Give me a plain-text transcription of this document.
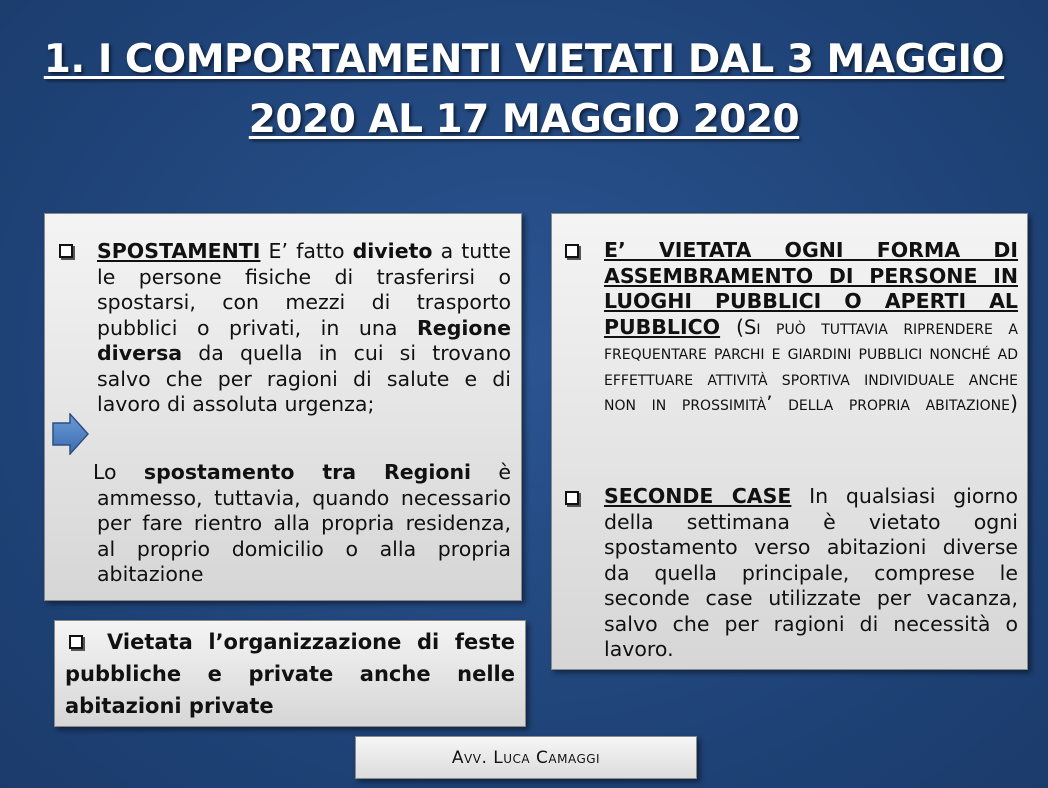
1. I COMPORTAMENTI VIETATI DAL 3 MAGGIO
2020 AL 17 MAGGIO 2020
SPOSTAMENTI E’ fatto divieto a tutte le persone fisiche di trasferirsi o spostarsi, con mezzi di trasporto pubblici o privati, in una Regione diversa da quella in cui si trovano salvo che per ragioni di salute e di lavoro di assoluta urgenza;
Lo spostamento tra Regioni è ammesso, tuttavia, quando necessario per fare rientro alla propria residenza, al proprio domicilio o alla propria abitazione
E’ VIETATA OGNI FORMA DI ASSEMBRAMENTO DI PERSONE IN LUOGHI PUBBLICI O APERTI AL PUBBLICO (Si può tuttavia riprendere a frequentare parchi e giardini pubblici nonché ad effettuare attività sportiva individuale anche non in prossimità’ della propria abitazione)
SECONDE CASE In qualsiasi giorno della settimana è vietato ogni spostamento verso abitazioni diverse da quella principale, comprese le seconde case utilizzate per vacanza, salvo che per ragioni di necessità o lavoro.
Vietata l’organizzazione di feste pubbliche e private anche nelle abitazioni private
Avv. Luca Camaggi
